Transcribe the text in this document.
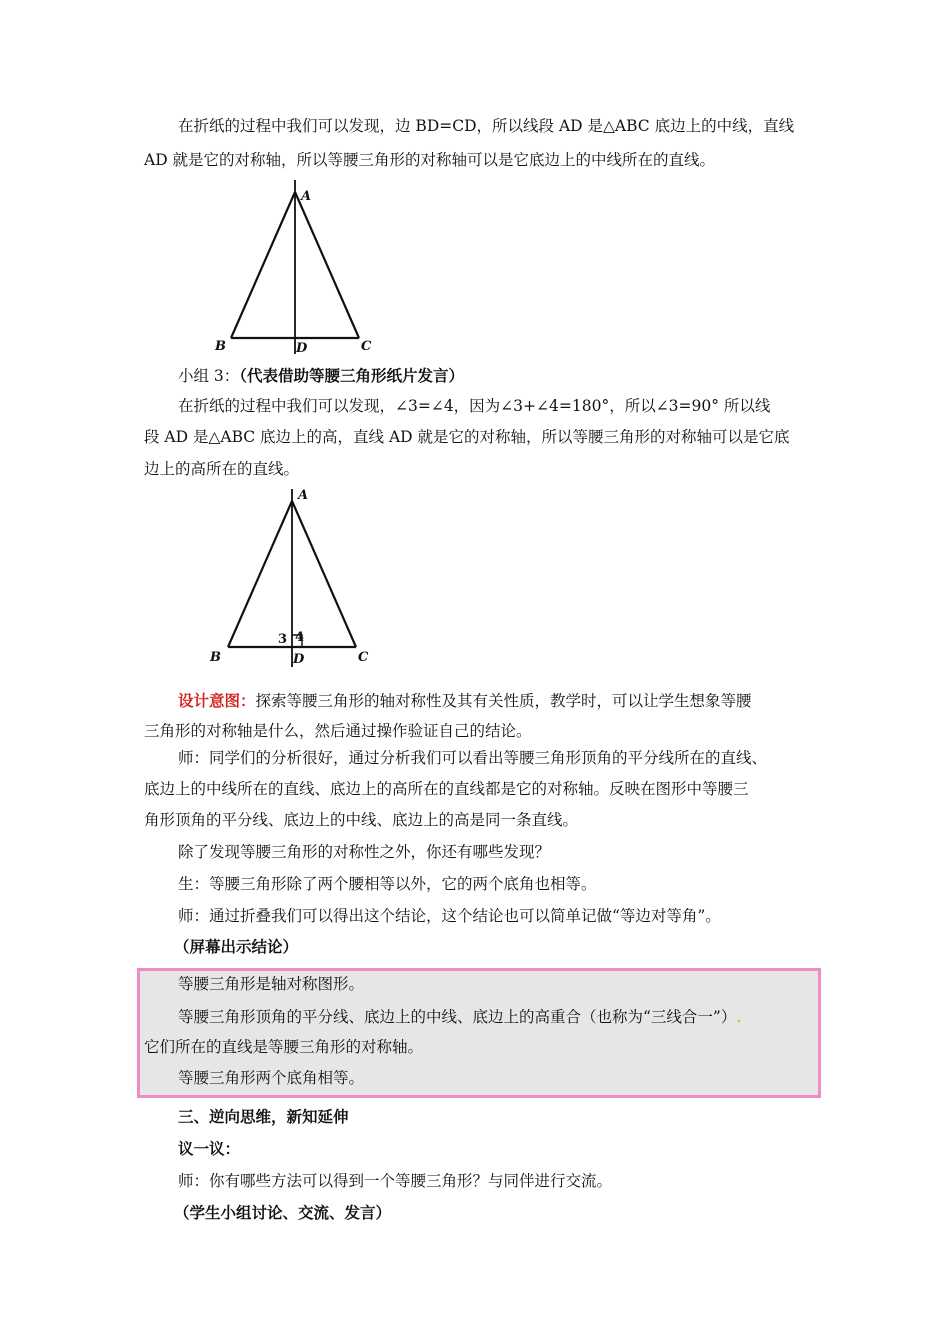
在折纸的过程中我们可以发现，边 BD=CD，所以线段 AD 是△ABC 底边上的中线，直线
AD 就是它的对称轴，所以等腰三角形的对称轴可以是它底边上的中线所在的直线。
A
B	C
D
小组 3：（代表借助等腰三角形纸片发言）
在折纸的过程中我们可以发现，∠3=∠4，因为∠3+∠4=180°，所以∠3=90° 所以线
段 AD 是△ABC 底边上的高，直线 AD 就是它的对称轴，所以等腰三角形的对称轴可以是它底
边上的高所在的直线。
A
B	C
D
3 4
设计意图：探索等腰三角形的轴对称性及其有关性质，教学时，可以让学生想象等腰
三角形的对称轴是什么，然后通过操作验证自己的结论。
师：同学们的分析很好，通过分析我们可以看出等腰三角形顶角的平分线所在的直线、
底边上的中线所在的直线、底边上的高所在的直线都是它的对称轴。反映在图形中等腰三
角形顶角的平分线、底边上的中线、底边上的高是同一条直线。
除了发现等腰三角形的对称性之外，你还有哪些发现？
生：等腰三角形除了两个腰相等以外，它的两个底角也相等。
师：通过折叠我们可以得出这个结论，这个结论也可以简单记做“等边对等角”。
（屏幕出示结论）
等腰三角形是轴对称图形。
等腰三角形顶角的平分线、底边上的中线、底边上的高重合（也称为“三线合一”）.
它们所在的直线是等腰三角形的对称轴。
等腰三角形两个底角相等。
三、逆向思维，新知延伸
议一议：
师：你有哪些方法可以得到一个等腰三角形？与同伴进行交流。
（学生小组讨论、交流、发言）
